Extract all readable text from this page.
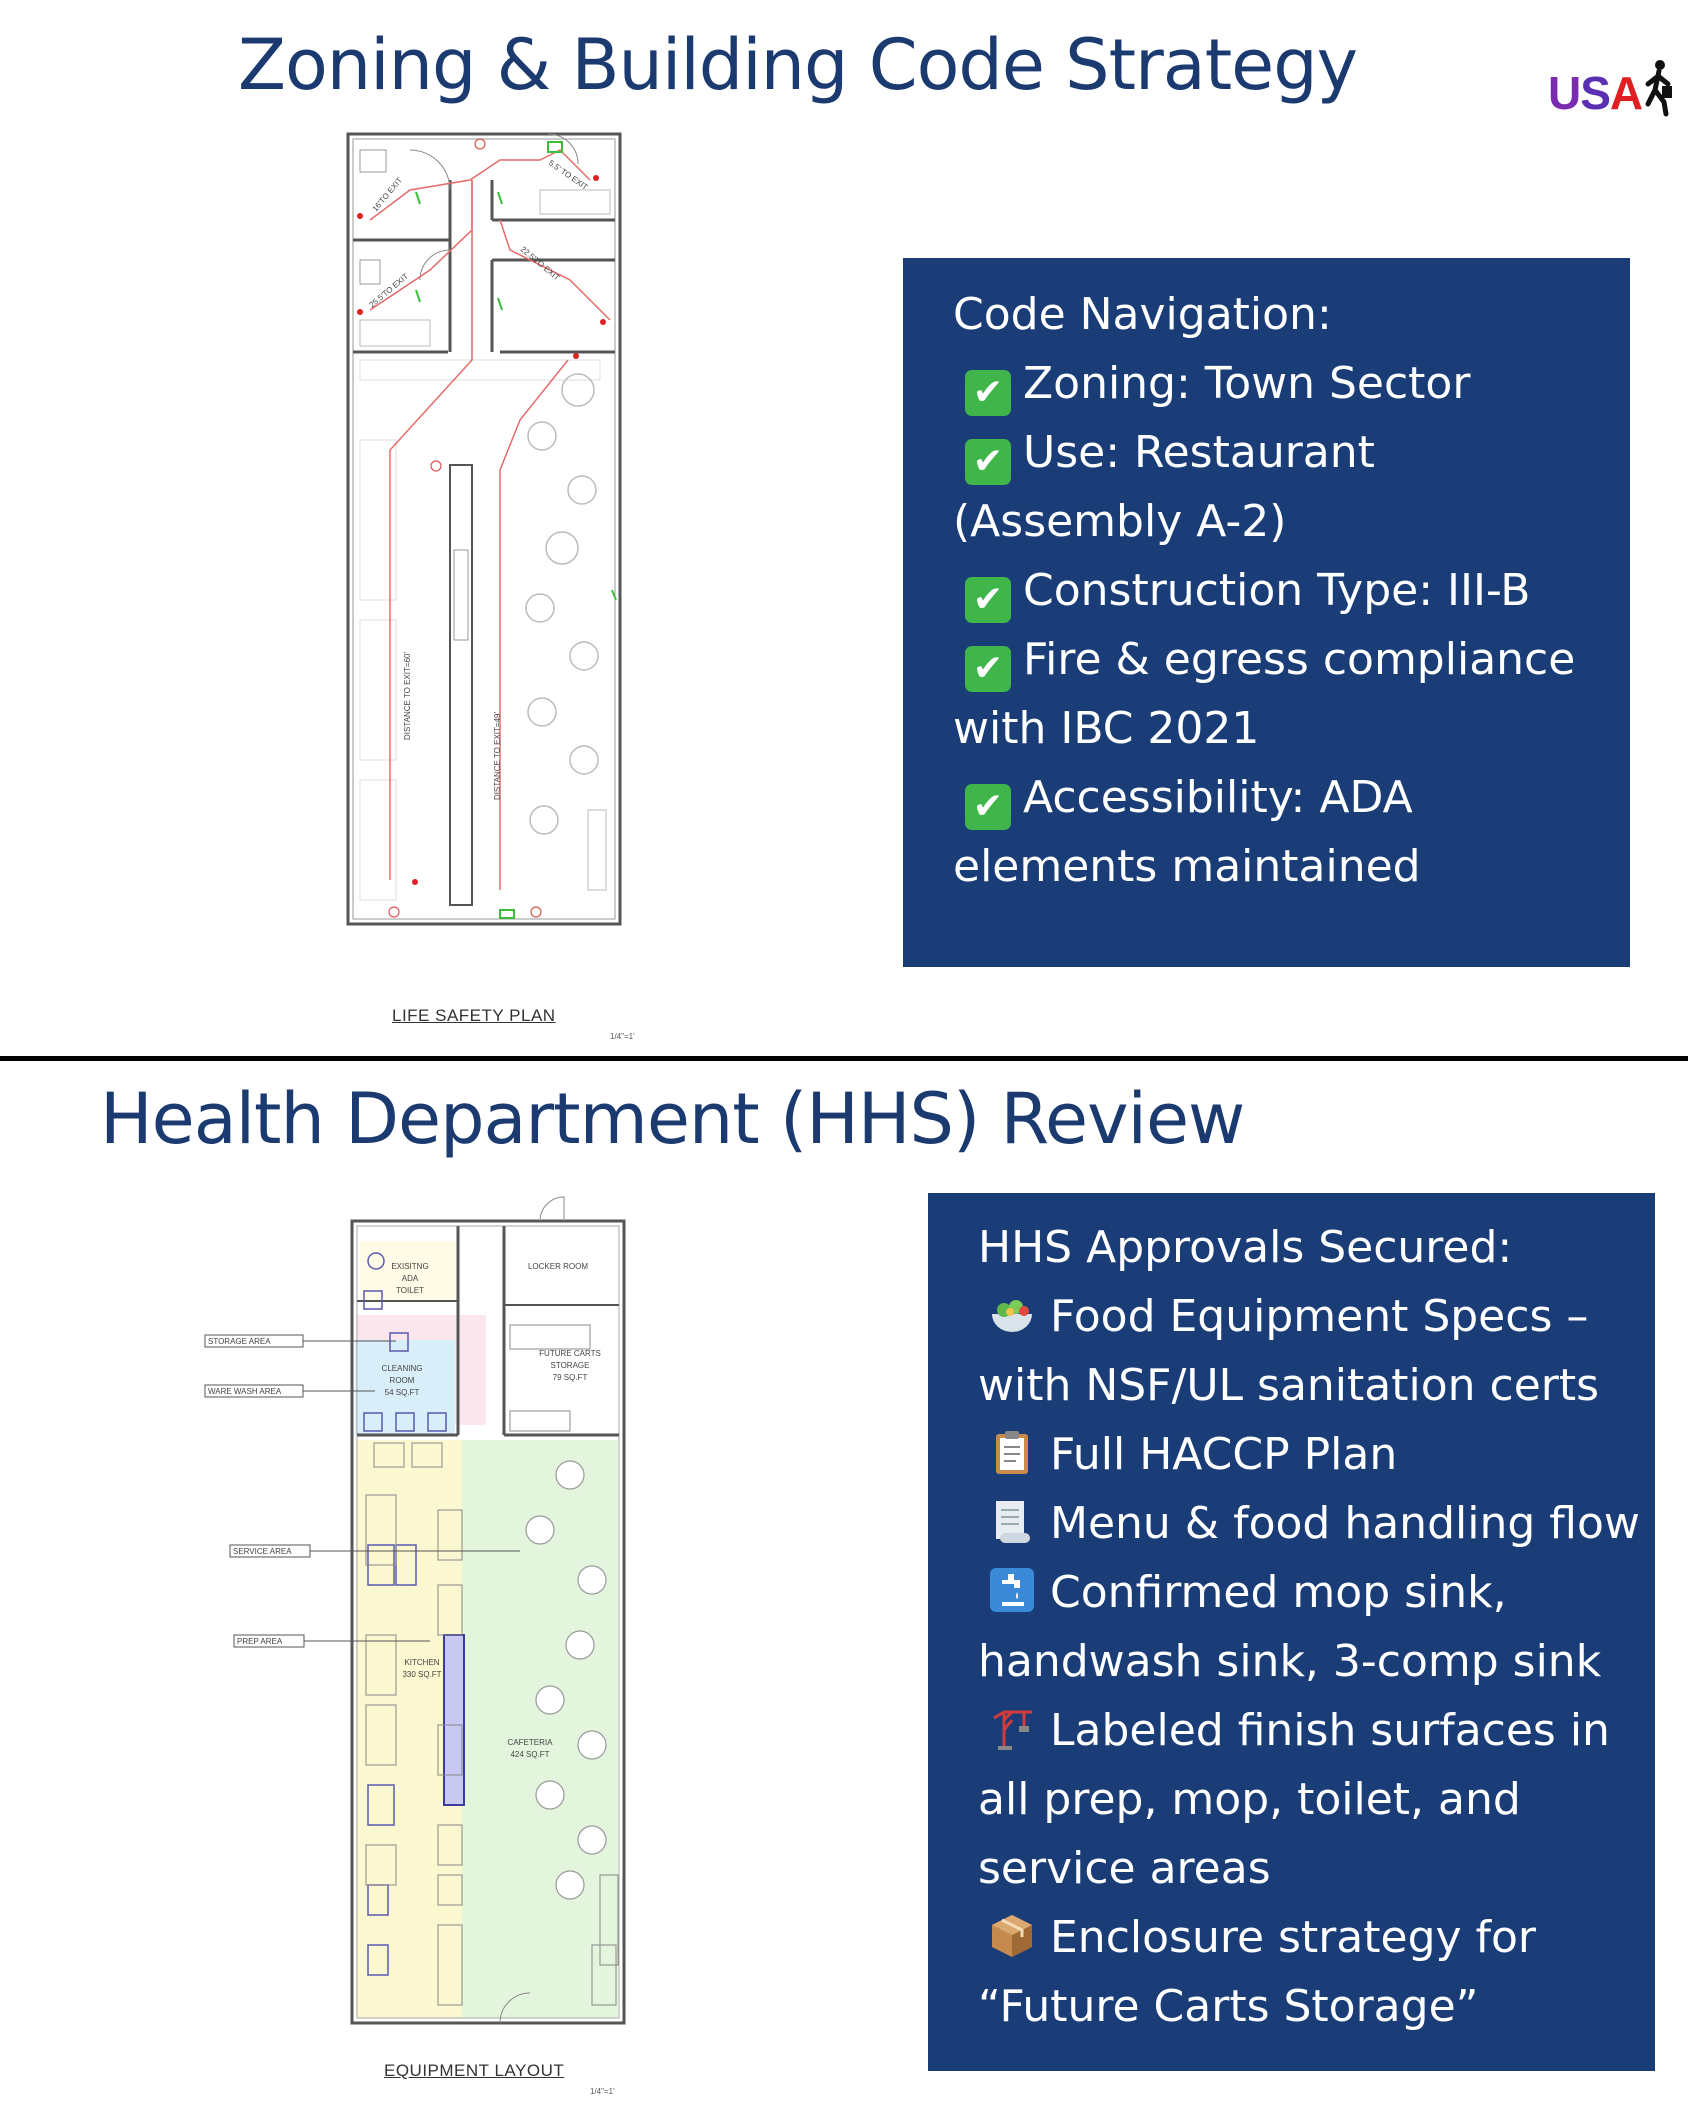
Zoning & Building Code Strategy	USA
16'TO EXIT
5.5' TO EXIT
25.5'TO EXIT
22.5'TO EXIT
DISTANCE TO EXIT=60'
DISTANCE TO EXIT=49'
LIFE SAFETY PLAN
1/4"=1'
Code Navigation:
✔ Zoning: Town Sector
✔ Use: Restaurant
(Assembly A-2)
✔ Construction Type: III-B
✔ Fire & egress compliance
with IBC 2021
✔ Accessibility: ADA
elements maintained
Health Department (HHS) Review
STORAGE AREA
WARE WASH AREA
SERVICE AREA
PREP AREA
EXISITNG
ADA
TOILET
LOCKER ROOM
CLEANING
ROOM
54 SQ.FT
FUTURE CARTS
STORAGE
79 SQ.FT
KITCHEN
330 SQ.FT
CAFETERIA
424 SQ.FT
EQUIPMENT LAYOUT
1/4"=1'
HHS Approvals Secured:
Food Equipment Specs –
with NSF/UL sanitation certs
Full HACCP Plan
Menu & food handling flow
Confirmed mop sink,
handwash sink, 3-comp sink
Labeled finish surfaces in
all prep, mop, toilet, and
service areas
Enclosure strategy for
“Future Carts Storage”
